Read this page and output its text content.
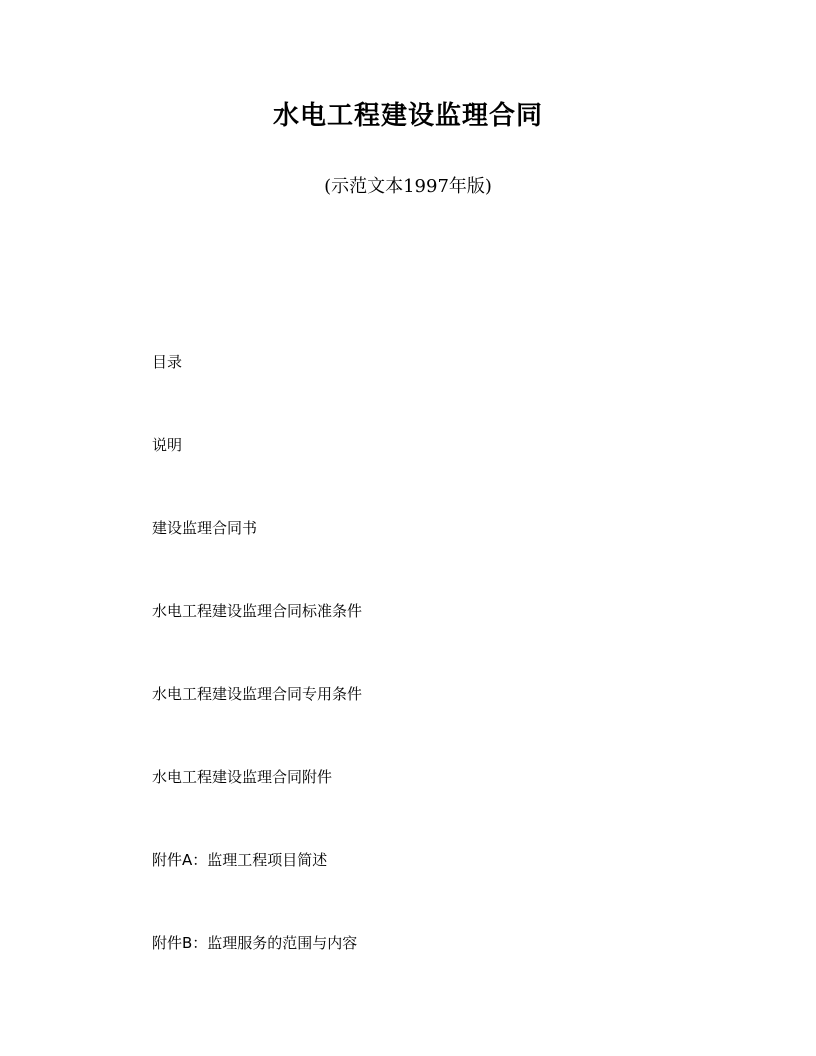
水电工程建设监理合同

(示范文本1997年版)

目录
说明
建设监理合同书
水电工程建设监理合同标准条件
水电工程建设监理合同专用条件
水电工程建设监理合同附件
附件A：监理工程项目简述
附件B：监理服务的范围与内容
